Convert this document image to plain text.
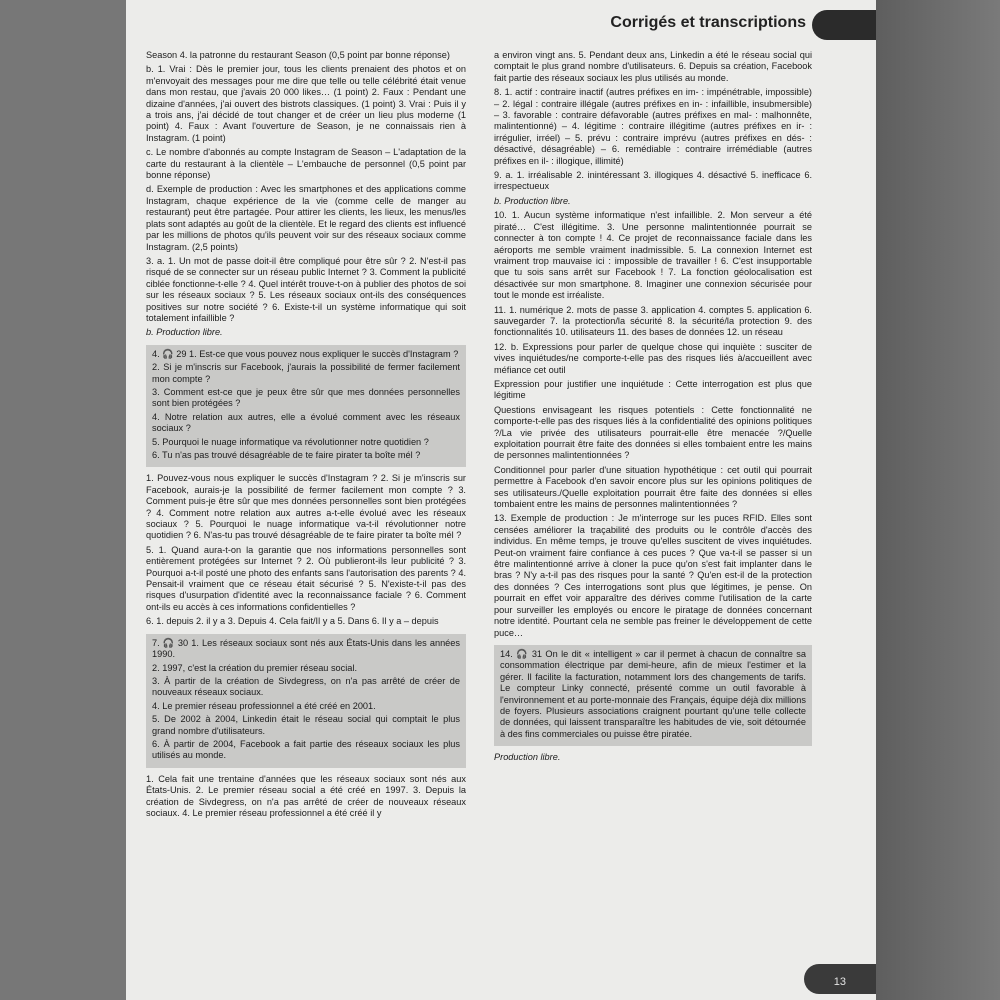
Corrigés et transcriptions

Season 4. la patronne du restaurant Season (0,5 point par bonne réponse)

b. 1. Vrai : Dès le premier jour, tous les clients prenaient des photos et on m'envoyait des messages pour me dire que telle ou telle célébrité était venue dans mon restau, que j'avais 20 000 likes… (1 point) 2. Faux : Pendant une dizaine d'années, j'ai ouvert des bistrots classiques. (1 point) 3. Vrai : Puis il y a trois ans, j'ai décidé de tout changer et de créer un lieu plus moderne (1 point) 4. Faux : Avant l'ouverture de Season, je ne connaissais rien à Instagram. (1 point)

c. Le nombre d'abonnés au compte Instagram de Season – L'adaptation de la carte du restaurant à la clientèle – L'embauche de personnel (0,5 point par bonne réponse)

d. Exemple de production : Avec les smartphones et des applications comme Instagram, chaque expérience de la vie (comme celle de manger au restaurant) peut être partagée. Pour attirer les clients, les lieux, les menus/les plats sont adaptés au goût de la clientèle. Et le regard des clients est influencé par les millions de photos qu'ils peuvent voir sur des réseaux sociaux comme Instagram. (2,5 points)

3. a. 1. Un mot de passe doit-il être compliqué pour être sûr ? 2. N'est-il pas risqué de se connecter sur un réseau public Internet ? 3. Comment la publicité ciblée fonctionne-t-elle ? 4. Quel intérêt trouve-t-on à publier des photos de soi sur les réseaux sociaux ? 5. Les réseaux sociaux ont-ils des conséquences positives sur notre société ? 6. Existe-t-il un système informatique qui soit totalement infaillible ?

b. Production libre.

4. 🎧 29 1. Est-ce que vous pouvez nous expliquer le succès d'Instagram ?

2. Si je m'inscris sur Facebook, j'aurais la possibilité de fermer facilement mon compte ?

3. Comment est-ce que je peux être sûr que mes données personnelles sont bien protégées ?

4. Notre relation aux autres, elle a évolué comment avec les réseaux sociaux ?

5. Pourquoi le nuage informatique va révolutionner notre quotidien ?

6. Tu n'as pas trouvé désagréable de te faire pirater ta boîte mél ?

1. Pouvez-vous nous expliquer le succès d'Instagram ? 2. Si je m'inscris sur Facebook, aurais-je la possibilité de fermer facilement mon compte ? 3. Comment puis-je être sûr que mes données personnelles sont bien protégées ? 4. Comment notre relation aux autres a-t-elle évolué avec les réseaux sociaux ? 5. Pourquoi le nuage informatique va-t-il révolutionner notre quotidien ? 6. N'as-tu pas trouvé désagréable de te faire pirater ta boîte mél ?

5. 1. Quand aura-t-on la garantie que nos informations personnelles sont entièrement protégées sur Internet ? 2. Où publieront-ils leur publicité ? 3. Pourquoi a-t-il posté une photo des enfants sans l'autorisation des parents ? 4. Pensait-il vraiment que ce réseau était sécurisé ? 5. N'existe-t-il pas des risques d'usurpation d'identité avec la reconnaissance faciale ? 6. Comment ont-ils eu accès à ces informations confidentielles ?

6. 1. depuis 2. il y a 3. Depuis 4. Cela fait/Il y a 5. Dans 6. Il y a – depuis

7. 🎧 30 1. Les réseaux sociaux sont nés aux États-Unis dans les années 1990.

2. 1997, c'est la création du premier réseau social.

3. À partir de la création de Sivdegress, on n'a pas arrêté de créer de nouveaux réseaux sociaux.

4. Le premier réseau professionnel a été créé en 2001.

5. De 2002 à 2004, Linkedin était le réseau social qui comptait le plus grand nombre d'utilisateurs.

6. À partir de 2004, Facebook a fait partie des réseaux sociaux les plus utilisés au monde.

1. Cela fait une trentaine d'années que les réseaux sociaux sont nés aux États-Unis. 2. Le premier réseau social a été créé en 1997. 3. Depuis la création de Sivdegress, on n'a pas arrêté de créer de nouveaux réseaux sociaux. 4. Le premier réseau professionnel a été créé il y

a environ vingt ans. 5. Pendant deux ans, Linkedin a été le réseau social qui comptait le plus grand nombre d'utilisateurs. 6. Depuis sa création, Facebook fait partie des réseaux sociaux les plus utilisés au monde.

8. 1. actif : contraire inactif (autres préfixes en im- : impénétrable, impossible) – 2. légal : contraire illégale (autres préfixes en in- : infaillible, insubmersible) – 3. favorable : contraire défavorable (autres préfixes en mal- : malhonnête, malintentionné) – 4. légitime : contraire illégitime (autres préfixes en ir- : irrégulier, irréel) – 5. prévu : contraire imprévu (autres préfixes en dés- : désactivé, désagréable) – 6. remédiable : contraire irrémédiable (autres préfixes en il- : illogique, illimité)

9. a. 1. irréalisable 2. inintéressant 3. illogiques 4. désactivé 5. inefficace 6. irrespectueux

b. Production libre.

10. 1. Aucun système informatique n'est infaillible. 2. Mon serveur a été piraté… C'est illégitime. 3. Une personne malintentionnée pourrait se connecter à ton compte ! 4. Ce projet de reconnaissance faciale dans les aéroports me semble vraiment inadmissible. 5. La connexion Internet est vraiment trop mauvaise ici : impossible de travailler ! 6. C'est insupportable que tu sois sans arrêt sur Facebook ! 7. La fonction géolocalisation est désactivée sur mon smartphone. 8. Imaginer une connexion sécurisée pour tout le monde est irréaliste.

11. 1. numérique 2. mots de passe 3. application 4. comptes 5. application 6. sauvegarder 7. la protection/la sécurité 8. la sécurité/la protection 9. des fonctionnalités 10. utilisateurs 11. des bases de données 12. un réseau

12. b. Expressions pour parler de quelque chose qui inquiète : susciter de vives inquiétudes/ne comporte-t-elle pas des risques liés à/accueillent avec méfiance cet outil

Expression pour justifier une inquiétude : Cette interrogation est plus que légitime

Questions envisageant les risques potentiels : Cette fonctionnalité ne comporte-t-elle pas des risques liés à la confidentialité des opinions politiques ?/La vie privée des utilisateurs pourrait-elle être menacée ?/Quelle exploitation pourrait être faite des données si elles tombaient entre les mains de personnes malintentionnées ?

Conditionnel pour parler d'une situation hypothétique : cet outil qui pourrait permettre à Facebook d'en savoir encore plus sur les opinions politiques de ses utilisateurs./Quelle exploitation pourrait être faite des données si elles tombaient entre les mains de personnes malintentionnées ?

13. Exemple de production : Je m'interroge sur les puces RFID. Elles sont censées améliorer la traçabilité des produits ou le contrôle d'accès des individus. En même temps, je trouve qu'elles suscitent de vives inquiétudes. Peut-on vraiment faire confiance à ces puces ? Que va-t-il se passer si un être malintentionné arrive à cloner la puce qu'on s'est fait implanter dans le bras ? N'y a-t-il pas des risques pour la santé ? Qu'en est-il de la protection des données ? Ces interrogations sont plus que légitimes, je pense. On pourrait en effet voir apparaître des dérives comme l'utilisation de la carte pour surveiller les employés ou encore le piratage de données concernant notre identité. Pourtant cela ne semble pas freiner le développement de cette puce…

14. 🎧 31 On le dit « intelligent » car il permet à chacun de connaître sa consommation électrique par demi-heure, afin de mieux l'estimer et la gérer. Il facilite la facturation, notamment lors des changements de tarifs. Le compteur Linky connecté, présenté comme un outil favorable à l'environnement et au porte-monnaie des Français, équipe déjà dix millions de foyers. Plusieurs associations craignent pourtant qu'une telle collecte de données, qui laissent transparaître les habitudes de vie, soit détournée à des fins commerciales ou puisse être piratée.

Production libre.

13
